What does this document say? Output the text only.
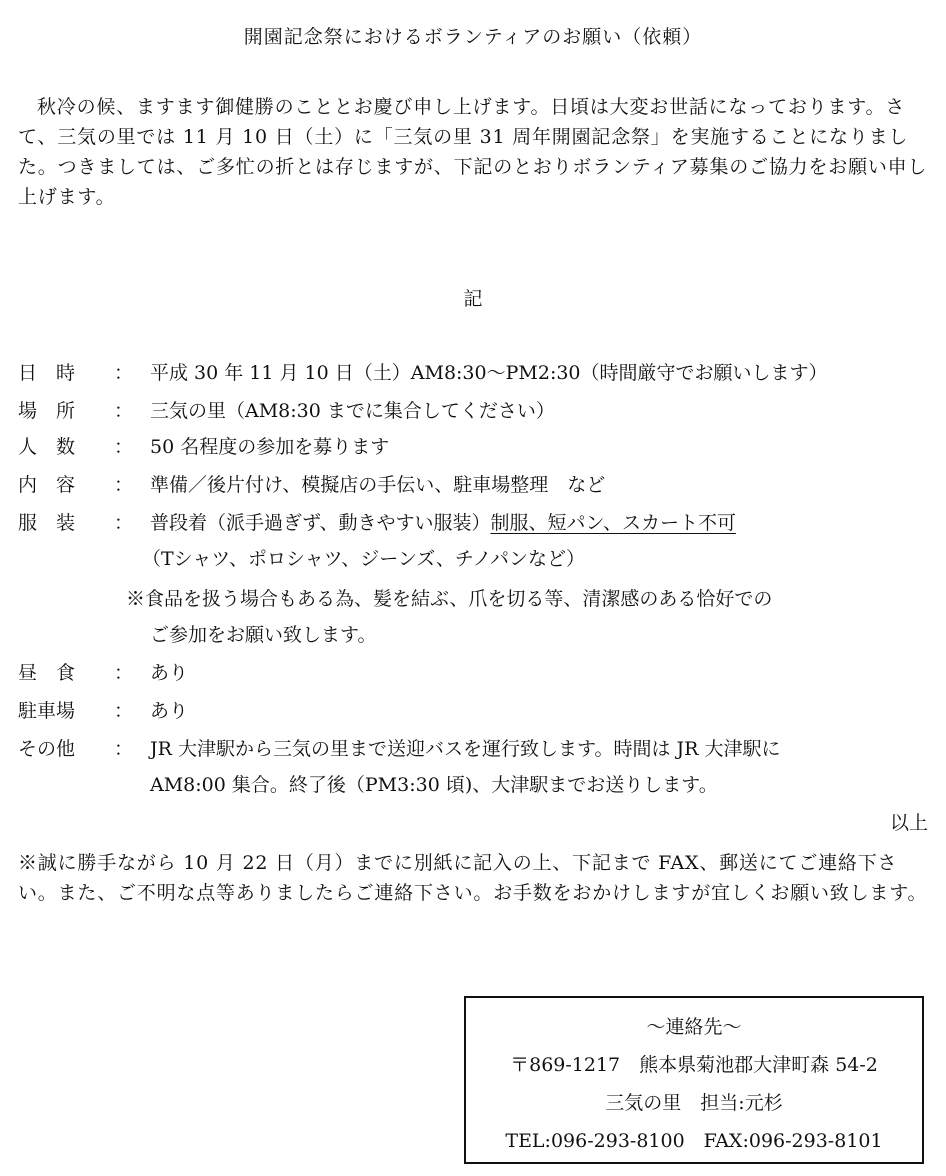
開園記念祭におけるボランティアのお願い（依頼）
秋冷の候、ますます御健勝のこととお慶び申し上げます。日頃は大変お世話になっております。さて、三気の里では 11 月 10 日（土）に「三気の里 31 周年開園記念祭」を実施することになりました。つきましては、ご多忙の折とは存じますが、下記のとおりボランティア募集のご協力をお願い申し上げます。
記
日　時	： 平成 30 年 11 月 10 日（土）AM8:30～PM2:30（時間厳守でお願いします）
場　所	： 三気の里（AM8:30 までに集合してください）
人　数	： 50 名程度の参加を募ります
内　容	： 準備／後片付け、模擬店の手伝い、駐車場整理　など
服　装	： 普段着（派手過ぎず、動きやすい服装）制服、短パン、スカート不可
（Tシャツ、ポロシャツ、ジーンズ、チノパンなど）
※食品を扱う場合もある為、髪を結ぶ、爪を切る等、清潔感のある恰好での
ご参加をお願い致します。
昼　食	： あり
駐車場	： あり
その他	： JR 大津駅から三気の里まで送迎バスを運行致します。時間は JR 大津駅に
AM8:00 集合。終了後（PM3:30 頃)、大津駅までお送りします。
以上
※誠に勝手ながら 10 月 22 日（月）までに別紙に記入の上、下記まで FAX、郵送にてご連絡下さい。また、ご不明な点等ありましたらご連絡下さい。お手数をおかけしますが宜しくお願い致します。
～連絡先～
〒869-1217　熊本県菊池郡大津町森 54-2
三気の里　担当:元杉
TEL:096-293-8100　FAX:096-293-8101
